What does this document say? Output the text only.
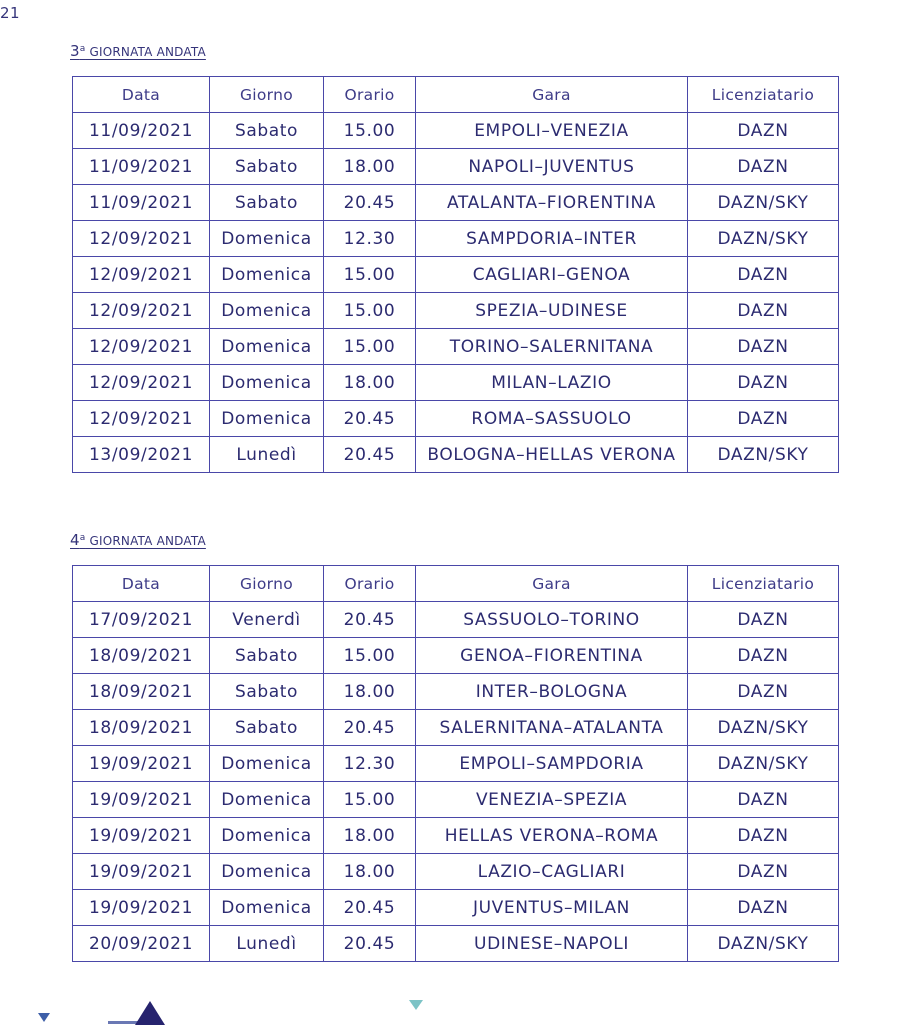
21
3$^a$ GIORNATA ANDATA
Data	Giorno	Orario	Gara	Licenziatario
11/09/2021	Sabato	15.00	EMPOLI–VENEZIA	DAZN
11/09/2021	Sabato	18.00	NAPOLI–JUVENTUS	DAZN
11/09/2021	Sabato	20.45	ATALANTA–FIORENTINA	DAZN/SKY
12/09/2021	Domenica	12.30	SAMPDORIA–INTER	DAZN/SKY
12/09/2021	Domenica	15.00	CAGLIARI–GENOA	DAZN
12/09/2021	Domenica	15.00	SPEZIA–UDINESE	DAZN
12/09/2021	Domenica	15.00	TORINO–SALERNITANA	DAZN
12/09/2021	Domenica	18.00	MILAN–LAZIO	DAZN
12/09/2021	Domenica	20.45	ROMA–SASSUOLO	DAZN
13/09/2021	Lunedì	20.45	BOLOGNA–HELLAS VERONA	DAZN/SKY
4$^a$ GIORNATA ANDATA
Data	Giorno	Orario	Gara	Licenziatario
17/09/2021	Venerdì	20.45	SASSUOLO–TORINO	DAZN
18/09/2021	Sabato	15.00	GENOA–FIORENTINA	DAZN
18/09/2021	Sabato	18.00	INTER–BOLOGNA	DAZN
18/09/2021	Sabato	20.45	SALERNITANA–ATALANTA	DAZN/SKY
19/09/2021	Domenica	12.30	EMPOLI–SAMPDORIA	DAZN/SKY
19/09/2021	Domenica	15.00	VENEZIA–SPEZIA	DAZN
19/09/2021	Domenica	18.00	HELLAS VERONA–ROMA	DAZN
19/09/2021	Domenica	18.00	LAZIO–CAGLIARI	DAZN
19/09/2021	Domenica	20.45	JUVENTUS–MILAN	DAZN
20/09/2021	Lunedì	20.45	UDINESE–NAPOLI	DAZN/SKY
